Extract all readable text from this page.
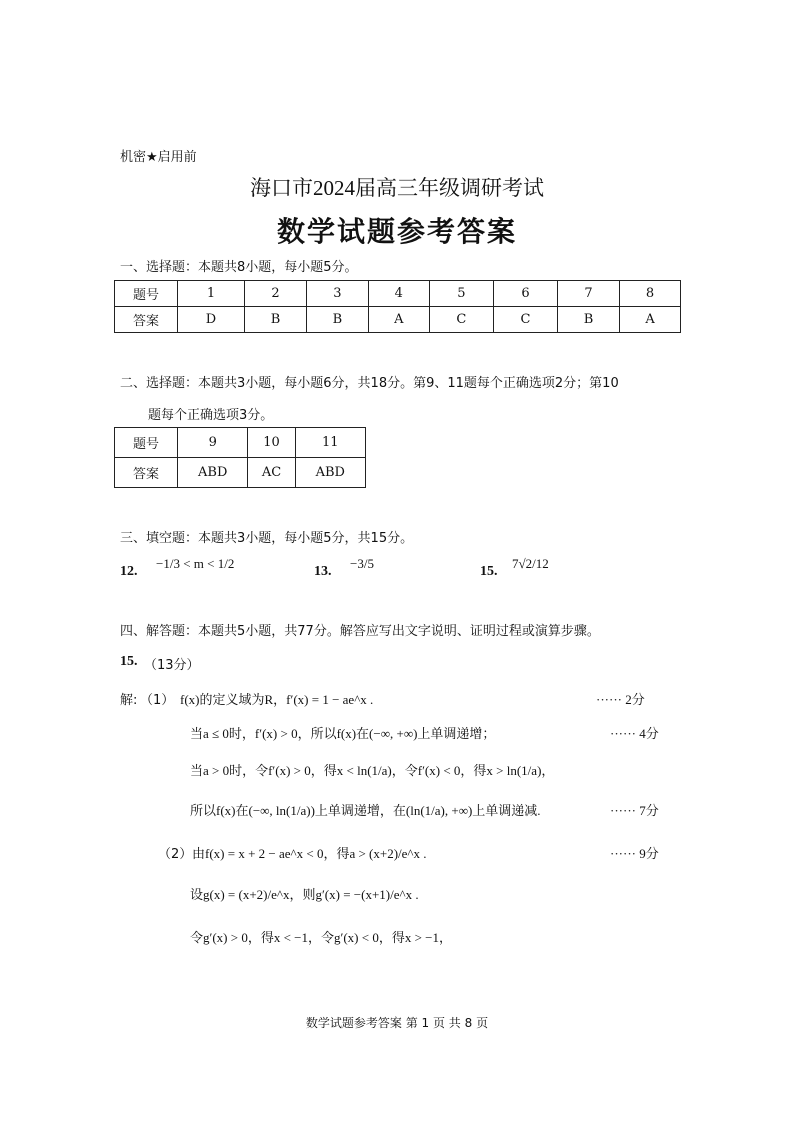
机密★启用前
海口市2024届高三年级调研考试
数学试题参考答案
一、选择题：本题共8小题，每小题5分。
题号	1	2	3	4	5	6	7	8
答案	D	B	B	A	C	C	B	A
二、选择题：本题共3小题，每小题6分，共18分。第9、11题每个正确选项2分；第10
题每个正确选项3分。
题号	9	10	11
答案	ABD	AC	ABD
三、填空题：本题共3小题，每小题5分，共15分。
12.
−1/3 < m < 1/2
13.
−3/5
15.
7√2/12
四、解答题：本题共5小题，共77分。解答应写出文字说明、证明过程或演算步骤。
15. （13分）
解: （1） f(x)的定义域为R，f′(x) = 1 − ae^x .	······ 2分
当a ≤ 0时，f′(x) > 0，所以f(x)在(−∞, +∞)上单调递增；	······ 4分
当a > 0时，令f′(x) > 0，得x < ln(1/a)，令f′(x) < 0，得x > ln(1/a)，
所以f(x)在(−∞, ln(1/a))上单调递增，在(ln(1/a), +∞)上单调递减.	······ 7分
（2） 由f(x) = x + 2 − ae^x < 0，得a > (x+2)/e^x .	······ 9分
设g(x) = (x+2)/e^x，则g′(x) = −(x+1)/e^x .
令g′(x) > 0，得x < −1，令g′(x) < 0，得x > −1，
数学试题参考答案 第 1 页 共 8 页
